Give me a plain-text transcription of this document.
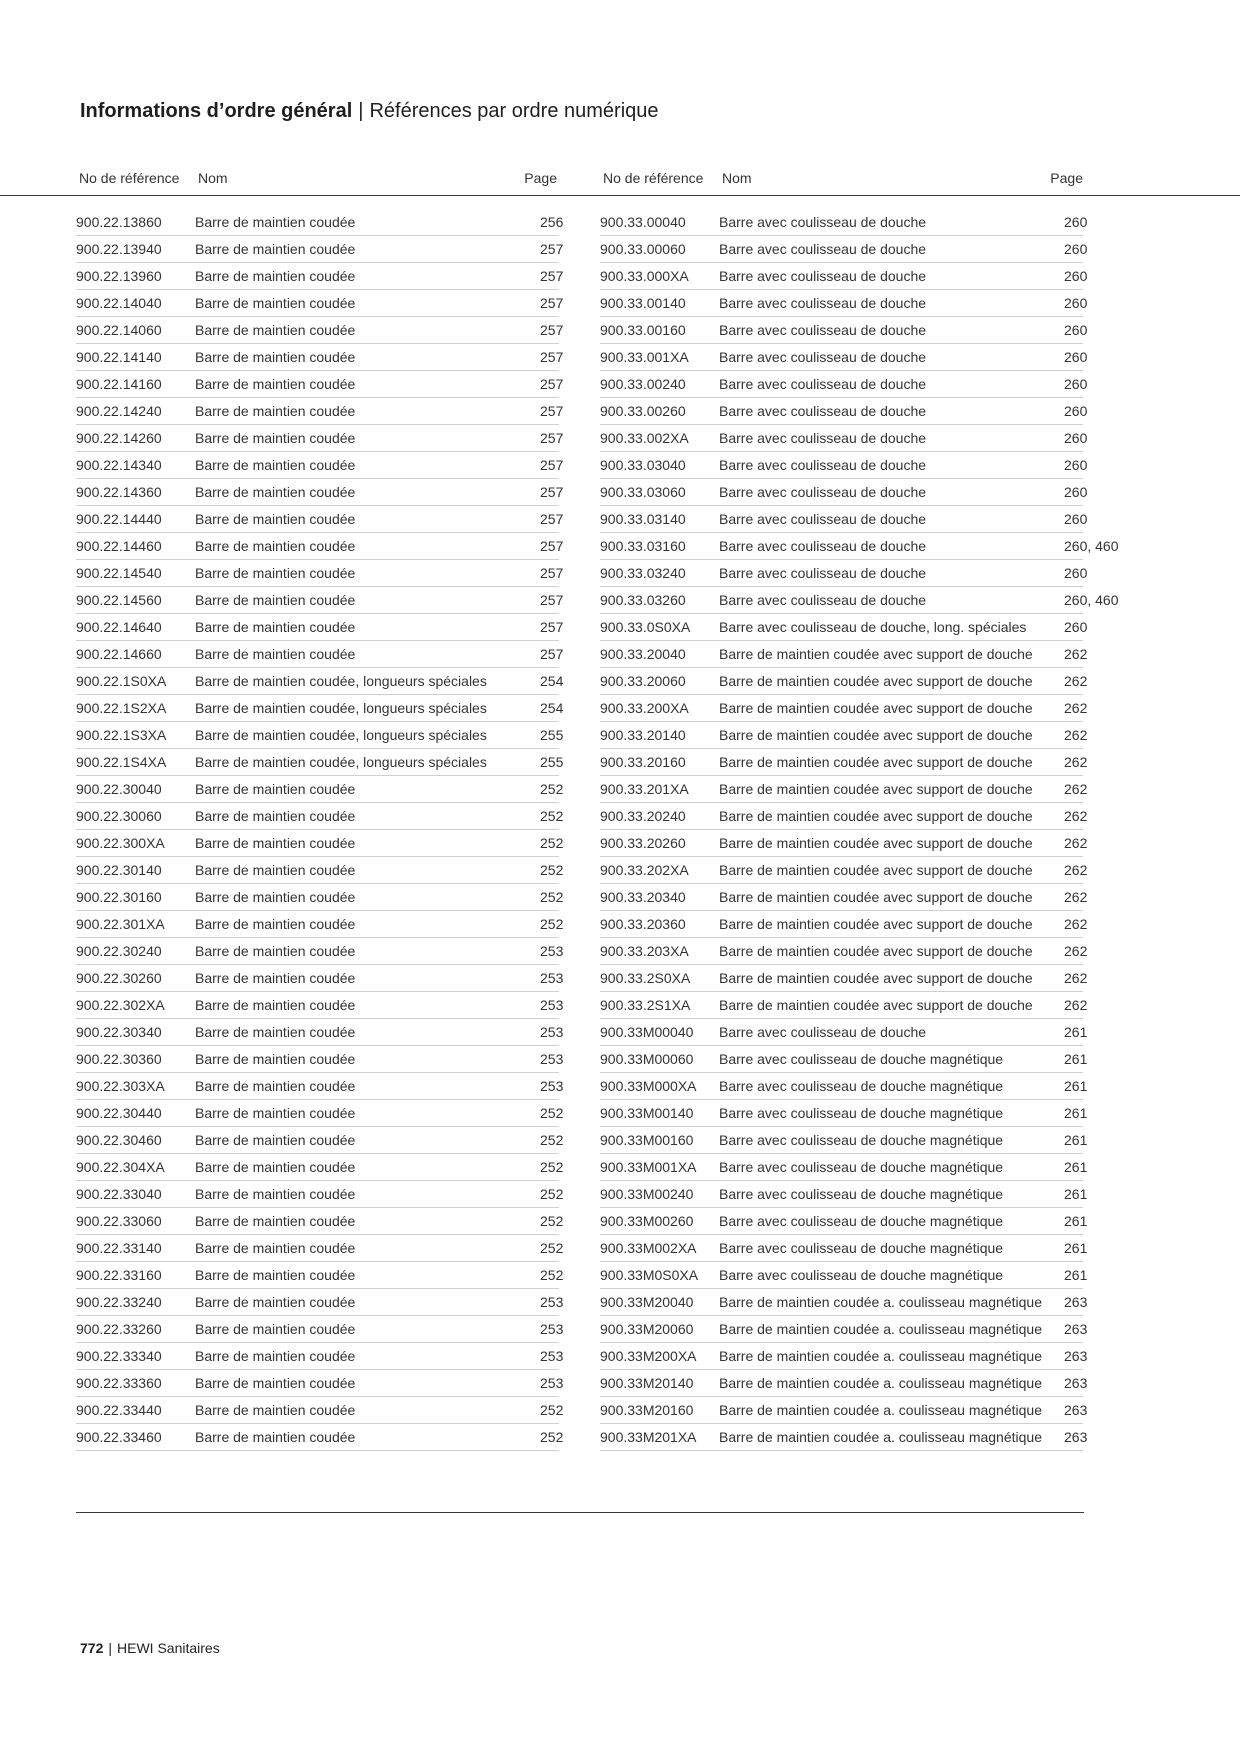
Informations d’ordre général | Références par ordre numérique
No de référence	Nom	Page	No de référence	Nom	Page
900.22.13860	Barre de maintien coudée	256
900.22.13940	Barre de maintien coudée	257
900.22.13960	Barre de maintien coudée	257
900.22.14040	Barre de maintien coudée	257
900.22.14060	Barre de maintien coudée	257
900.22.14140	Barre de maintien coudée	257
900.22.14160	Barre de maintien coudée	257
900.22.14240	Barre de maintien coudée	257
900.22.14260	Barre de maintien coudée	257
900.22.14340	Barre de maintien coudée	257
900.22.14360	Barre de maintien coudée	257
900.22.14440	Barre de maintien coudée	257
900.22.14460	Barre de maintien coudée	257
900.22.14540	Barre de maintien coudée	257
900.22.14560	Barre de maintien coudée	257
900.22.14640	Barre de maintien coudée	257
900.22.14660	Barre de maintien coudée	257
900.22.1S0XA	Barre de maintien coudée, longueurs spéciales	254
900.22.1S2XA	Barre de maintien coudée, longueurs spéciales	254
900.22.1S3XA	Barre de maintien coudée, longueurs spéciales	255
900.22.1S4XA	Barre de maintien coudée, longueurs spéciales	255
900.22.30040	Barre de maintien coudée	252
900.22.30060	Barre de maintien coudée	252
900.22.300XA	Barre de maintien coudée	252
900.22.30140	Barre de maintien coudée	252
900.22.30160	Barre de maintien coudée	252
900.22.301XA	Barre de maintien coudée	252
900.22.30240	Barre de maintien coudée	253
900.22.30260	Barre de maintien coudée	253
900.22.302XA	Barre de maintien coudée	253
900.22.30340	Barre de maintien coudée	253
900.22.30360	Barre de maintien coudée	253
900.22.303XA	Barre de maintien coudée	253
900.22.30440	Barre de maintien coudée	252
900.22.30460	Barre de maintien coudée	252
900.22.304XA	Barre de maintien coudée	252
900.22.33040	Barre de maintien coudée	252
900.22.33060	Barre de maintien coudée	252
900.22.33140	Barre de maintien coudée	252
900.22.33160	Barre de maintien coudée	252
900.22.33240	Barre de maintien coudée	253
900.22.33260	Barre de maintien coudée	253
900.22.33340	Barre de maintien coudée	253
900.22.33360	Barre de maintien coudée	253
900.22.33440	Barre de maintien coudée	252
900.22.33460	Barre de maintien coudée	252
900.33.00040	Barre avec coulisseau de douche	260
900.33.00060	Barre avec coulisseau de douche	260
900.33.000XA	Barre avec coulisseau de douche	260
900.33.00140	Barre avec coulisseau de douche	260
900.33.00160	Barre avec coulisseau de douche	260
900.33.001XA	Barre avec coulisseau de douche	260
900.33.00240	Barre avec coulisseau de douche	260
900.33.00260	Barre avec coulisseau de douche	260
900.33.002XA	Barre avec coulisseau de douche	260
900.33.03040	Barre avec coulisseau de douche	260
900.33.03060	Barre avec coulisseau de douche	260
900.33.03140	Barre avec coulisseau de douche	260
900.33.03160	Barre avec coulisseau de douche	260, 460
900.33.03240	Barre avec coulisseau de douche	260
900.33.03260	Barre avec coulisseau de douche	260, 460
900.33.0S0XA	Barre avec coulisseau de douche, long. spéciales	260
900.33.20040	Barre de maintien coudée avec support de douche	262
900.33.20060	Barre de maintien coudée avec support de douche	262
900.33.200XA	Barre de maintien coudée avec support de douche	262
900.33.20140	Barre de maintien coudée avec support de douche	262
900.33.20160	Barre de maintien coudée avec support de douche	262
900.33.201XA	Barre de maintien coudée avec support de douche	262
900.33.20240	Barre de maintien coudée avec support de douche	262
900.33.20260	Barre de maintien coudée avec support de douche	262
900.33.202XA	Barre de maintien coudée avec support de douche	262
900.33.20340	Barre de maintien coudée avec support de douche	262
900.33.20360	Barre de maintien coudée avec support de douche	262
900.33.203XA	Barre de maintien coudée avec support de douche	262
900.33.2S0XA	Barre de maintien coudée avec support de douche	262
900.33.2S1XA	Barre de maintien coudée avec support de douche	262
900.33M00040	Barre avec coulisseau de douche	261
900.33M00060	Barre avec coulisseau de douche magnétique	261
900.33M000XA	Barre avec coulisseau de douche magnétique	261
900.33M00140	Barre avec coulisseau de douche magnétique	261
900.33M00160	Barre avec coulisseau de douche magnétique	261
900.33M001XA	Barre avec coulisseau de douche magnétique	261
900.33M00240	Barre avec coulisseau de douche magnétique	261
900.33M00260	Barre avec coulisseau de douche magnétique	261
900.33M002XA	Barre avec coulisseau de douche magnétique	261
900.33M0S0XA	Barre avec coulisseau de douche magnétique	261
900.33M20040	Barre de maintien coudée a. coulisseau magnétique	263
900.33M20060	Barre de maintien coudée a. coulisseau magnétique	263
900.33M200XA	Barre de maintien coudée a. coulisseau magnétique	263
900.33M20140	Barre de maintien coudée a. coulisseau magnétique	263
900.33M20160	Barre de maintien coudée a. coulisseau magnétique	263
900.33M201XA	Barre de maintien coudée a. coulisseau magnétique	263
772 | HEWI Sanitaires
